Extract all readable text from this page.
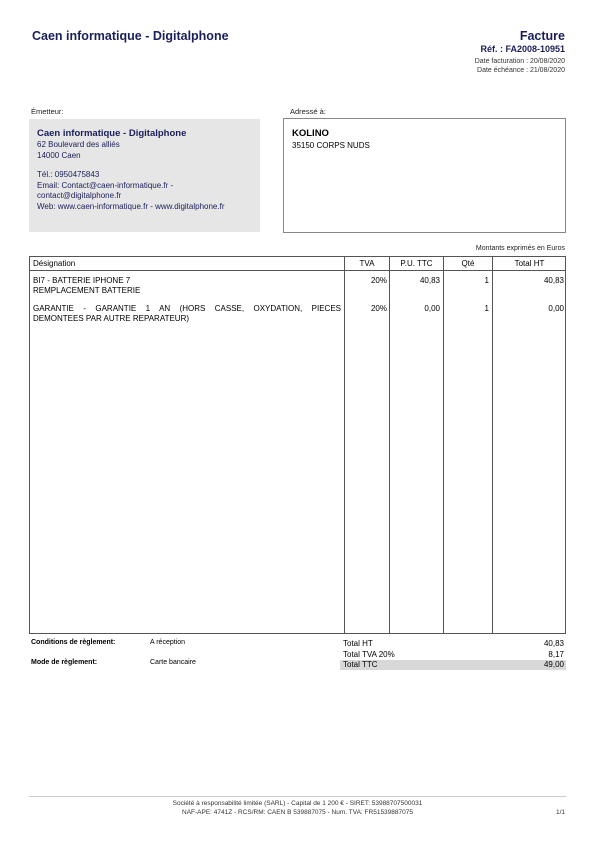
Caen informatique - Digitalphone	Facture
Réf. : FA2008-10951
Date facturation : 20/08/2020
Date échéance : 21/08/2020
Émetteur:	Adressé à:
Caen informatique - Digitalphone
62 Boulevard des alliés
14000 Caen
Tél.: 0950475843
Email: Contact@caen-informatique.fr -
contact@digitalphone.fr
Web: www.caen-informatique.fr - www.digitalphone.fr
KOLINO
35150 CORPS NUDS
Montants exprimés en Euros
Désignation	TVA	P.U. TTC	Qté	Total HT
BI7 - BATTERIE IPHONE 7
REMPLACEMENT BATTERIE
20%	40,83	1	40,83
GARANTIE - GARANTIE 1 AN (HORS CASSE, OXYDATION, PIECES
DEMONTEES PAR AUTRE REPARATEUR)
20%	0,00	1	0,00
Conditions de règlement:	A réception
Mode de règlement:	Carte bancaire
Total HT	40,83
Total TVA 20%	8,17
Total TTC	49,00
Société à responsabilité limitée (SARL) - Capital de 1 200 € - SIRET: 53988707500031
NAF-APE: 4741Z - RCS/RM: CAEN B 539887075 - Num. TVA: FR51539887075	1/1
